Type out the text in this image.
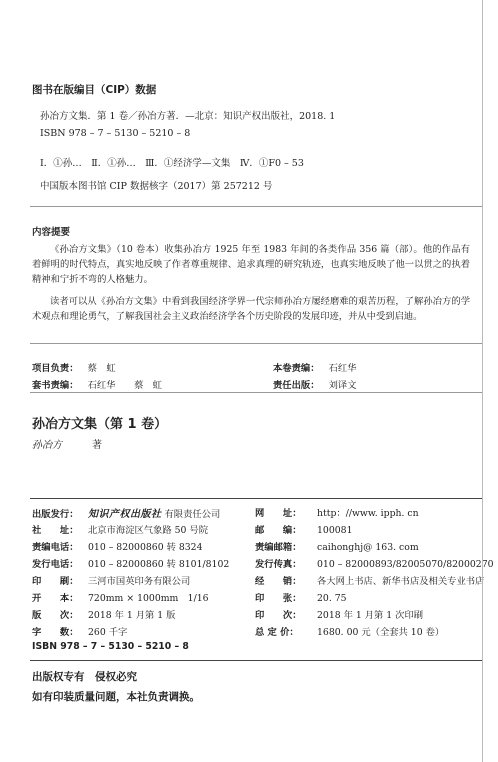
图书在版编目（CIP）数据
孙冶方文集．第 1 卷／孙冶方著．—北京：知识产权出版社，2018. 1
ISBN 978 – 7 – 5130 – 5210 – 8
Ⅰ．①孙…　Ⅱ．①孙…　Ⅲ．①经济学—文集　Ⅳ．①F0 – 53
中国版本图书馆 CIP 数据核字（2017）第 257212 号
内容提要
《孙冶方文集》（10 卷本）收集孙冶方 1925 年至 1983 年间的各类作品 356 篇（部）。他的作品有着鲜明的时代特点，真实地反映了作者尊重规律、追求真理的研究轨迹，也真实地反映了他一以贯之的执着精神和宁折不弯的人格魅力。
读者可以从《孙冶方文集》中看到我国经济学界一代宗师孙冶方屡经磨难的艰苦历程，了解孙冶方的学术观点和理论勇气，了解我国社会主义政治经济学各个历史阶段的发展印迹，并从中受到启迪。
项目负责： 蔡　虹
套书责编： 石红华　　蔡　虹
本卷责编： 石红华
责任出版： 刘译文
孙冶方文集（第 1 卷）
孙冶方	著
出版发行： 知识产权出版社 有限责任公司
社　　址： 北京市海淀区气象路 50 号院
责编电话： 010 – 82000860 转 8324
发行电话： 010 – 82000860 转 8101/8102
印　　刷： 三河市国英印务有限公司
开　　本： 720mm × 1000mm　1/16
版　　次： 2018 年 1 月第 1 版
字　　数： 260 千字
ISBN 978 – 7 – 5130 – 5210 – 8
网　　址： http：//www. ipph. cn
邮　　编： 100081
责编邮箱： caihonghj@ 163. com
发行传真： 010 – 82000893/82005070/82000270
经　　销： 各大网上书店、新华书店及相关专业书店
印　　张： 20. 75
印　　次： 2018 年 1 月第 1 次印刷
总 定 价： 1680. 00 元（全套共 10 卷）
出版权专有　侵权必究
如有印装质量问题，本社负责调换。
